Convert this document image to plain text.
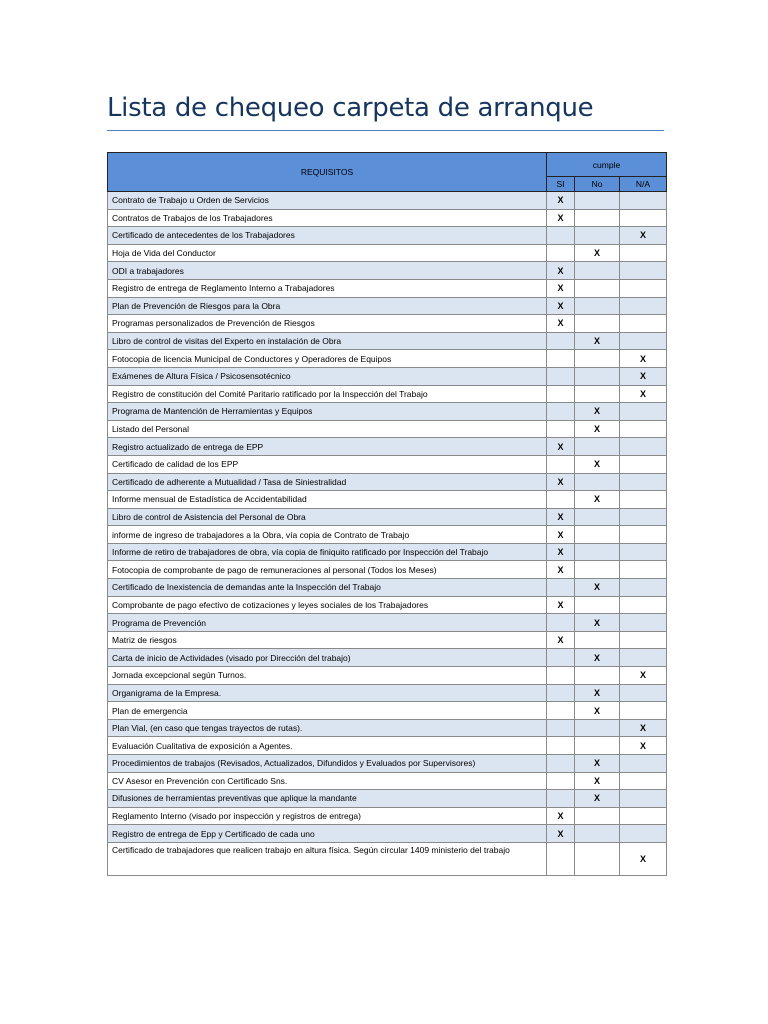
Lista de chequeo carpeta de arranque
REQUISITOS	cumple		
	SI	No	N/A
Contrato de Trabajo u Orden de Servicios	X		
Contratos de Trabajos de los Trabajadores	X		
Certificado de antecedentes de los Trabajadores			X
Hoja de Vida del Conductor		X	
ODI a trabajadores	X		
Registro de entrega de Reglamento Interno a Trabajadores	X		
Plan de Prevención de Riesgos para la Obra	X		
Programas personalizados de Prevención de Riesgos	X		
Libro de control de visitas del Experto en instalación de Obra		X	
Fotocopia de licencia Municipal de Conductores y Operadores de Equipos			X
Exámenes de Altura Física / Psicosensotécnico			X
Registro de constitución del Comité Paritario ratificado por la Inspección del Trabajo			X
Programa de Mantención de Herramientas y Equipos		X	
Listado del Personal		X	
Registro actualizado de entrega de EPP	X		
Certificado de calidad de los EPP		X	
Certificado de adherente a Mutualidad / Tasa de Siniestralidad	X		
Informe mensual de Estadística de Accidentabilidad		X	
Libro de control de Asistencia del Personal de Obra	X		
informe de ingreso de trabajadores a la Obra, vía copia de Contrato de Trabajo	X		
Informe de retiro de trabajadores de obra, vía copia de finiquito ratificado por Inspección del Trabajo	X		
Fotocopia de comprobante de pago de remuneraciones al personal (Todos los Meses)	X		
Certificado de Inexistencia de demandas ante la Inspección del Trabajo		X	
Comprobante de pago efectivo de cotizaciones y leyes sociales de los Trabajadores	X		
Programa de Prevención		X	
Matriz de riesgos	X		
Carta de inicio de Actividades (visado por Dirección del trabajo)		X	
Jornada excepcional según Turnos.			X
Organigrama de la Empresa.		X	
Plan de emergencia		X	
Plan Vial, (en caso que tengas trayectos de rutas).			X
Evaluación Cualitativa de exposición a Agentes.			X
Procedimientos de trabajos (Revisados, Actualizados, Difundidos y Evaluados por Supervisores)		X	
CV Asesor en Prevención con Certificado Sns.		X	
Difusiones de herramientas preventivas que aplique la mandante		X	
Reglamento Interno (visado por inspección y registros de entrega)	X		
Registro de entrega de Epp y Certificado de cada uno	X		
Certificado de trabajadores que realicen trabajo en altura física. Según circular 1409 ministerio del trabajo			X
